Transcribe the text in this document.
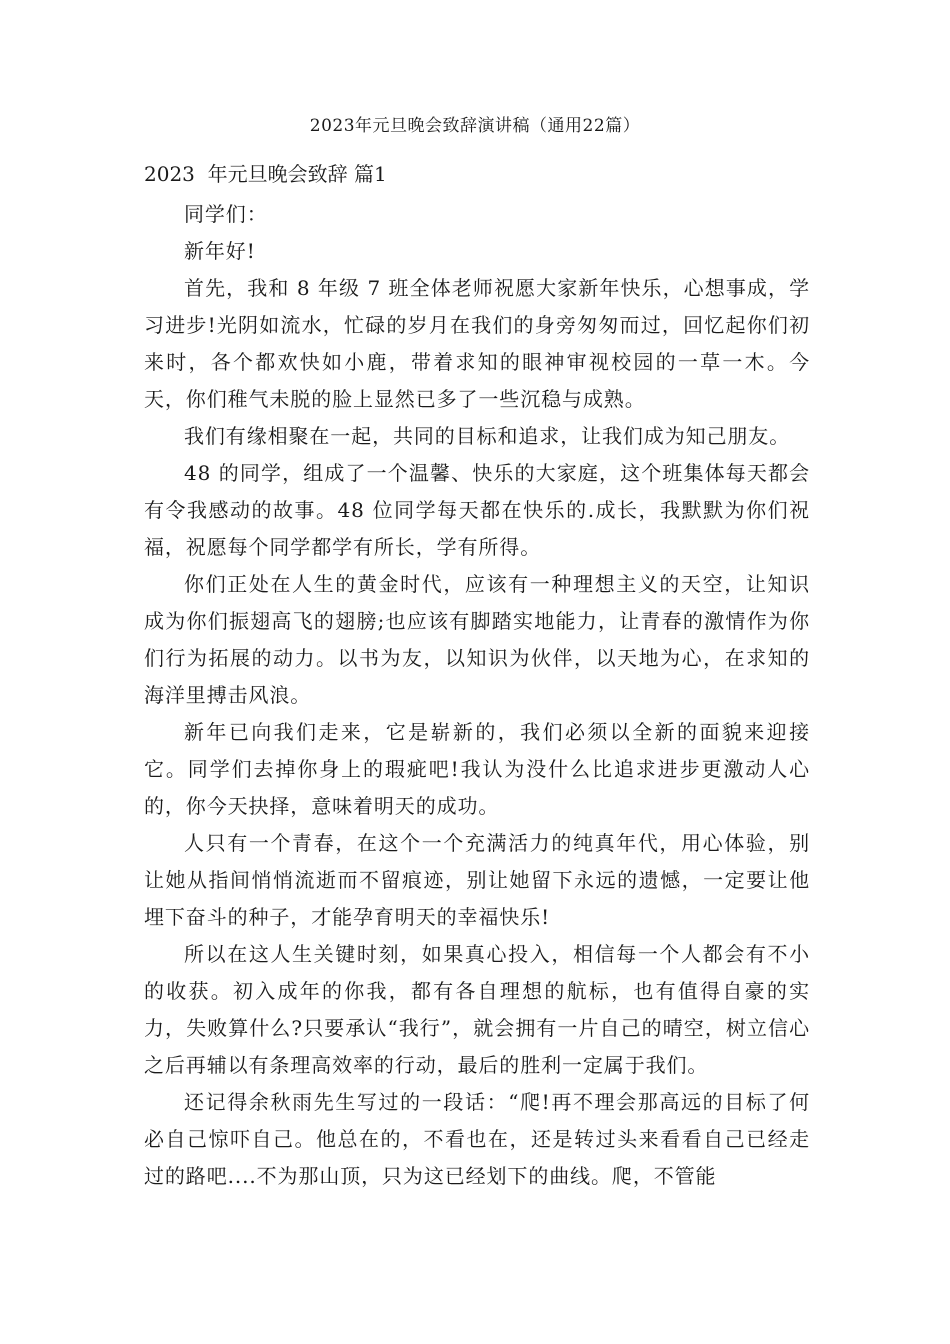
2023年元旦晚会致辞演讲稿（通用22篇）
2023  年元旦晚会致辞 篇1

同学们：

新年好!

首先，我和 8 年级 7 班全体老师祝愿大家新年快乐，心想事成，学习进步!光阴如流水，忙碌的岁月在我们的身旁匆匆而过，回忆起你们初来时，各个都欢快如小鹿，带着求知的眼神审视校园的一草一木。今天，你们稚气未脱的脸上显然已多了一些沉稳与成熟。

我们有缘相聚在一起，共同的目标和追求，让我们成为知己朋友。

48 的同学，组成了一个温馨、快乐的大家庭，这个班集体每天都会有令我感动的故事。48 位同学每天都在快乐的.成长，我默默为你们祝福，祝愿每个同学都学有所长，学有所得。

你们正处在人生的黄金时代，应该有一种理想主义的天空，让知识成为你们振翅高飞的翅膀;也应该有脚踏实地能力，让青春的激情作为你们行为拓展的动力。以书为友，以知识为伙伴，以天地为心，在求知的海洋里搏击风浪。

新年已向我们走来，它是崭新的，我们必须以全新的面貌来迎接它。同学们去掉你身上的瑕疵吧!我认为没什么比追求进步更激动人心的，你今天抉择，意味着明天的成功。

人只有一个青春，在这个一个充满活力的纯真年代，用心体验，别让她从指间悄悄流逝而不留痕迹，别让她留下永远的遗憾，一定要让他埋下奋斗的种子，才能孕育明天的幸福快乐!

所以在这人生关键时刻，如果真心投入，相信每一个人都会有不小的收获。初入成年的你我，都有各自理想的航标，也有值得自豪的实力，失败算什么?只要承认“我行”，就会拥有一片自己的晴空，树立信心之后再辅以有条理高效率的行动，最后的胜利一定属于我们。

还记得余秋雨先生写过的一段话：“爬!再不理会那高远的目标了何必自己惊吓自己。他总在的，不看也在，还是转过头来看看自己已经走过的路吧....不为那山顶，只为这已经划下的曲线。爬，不管能
